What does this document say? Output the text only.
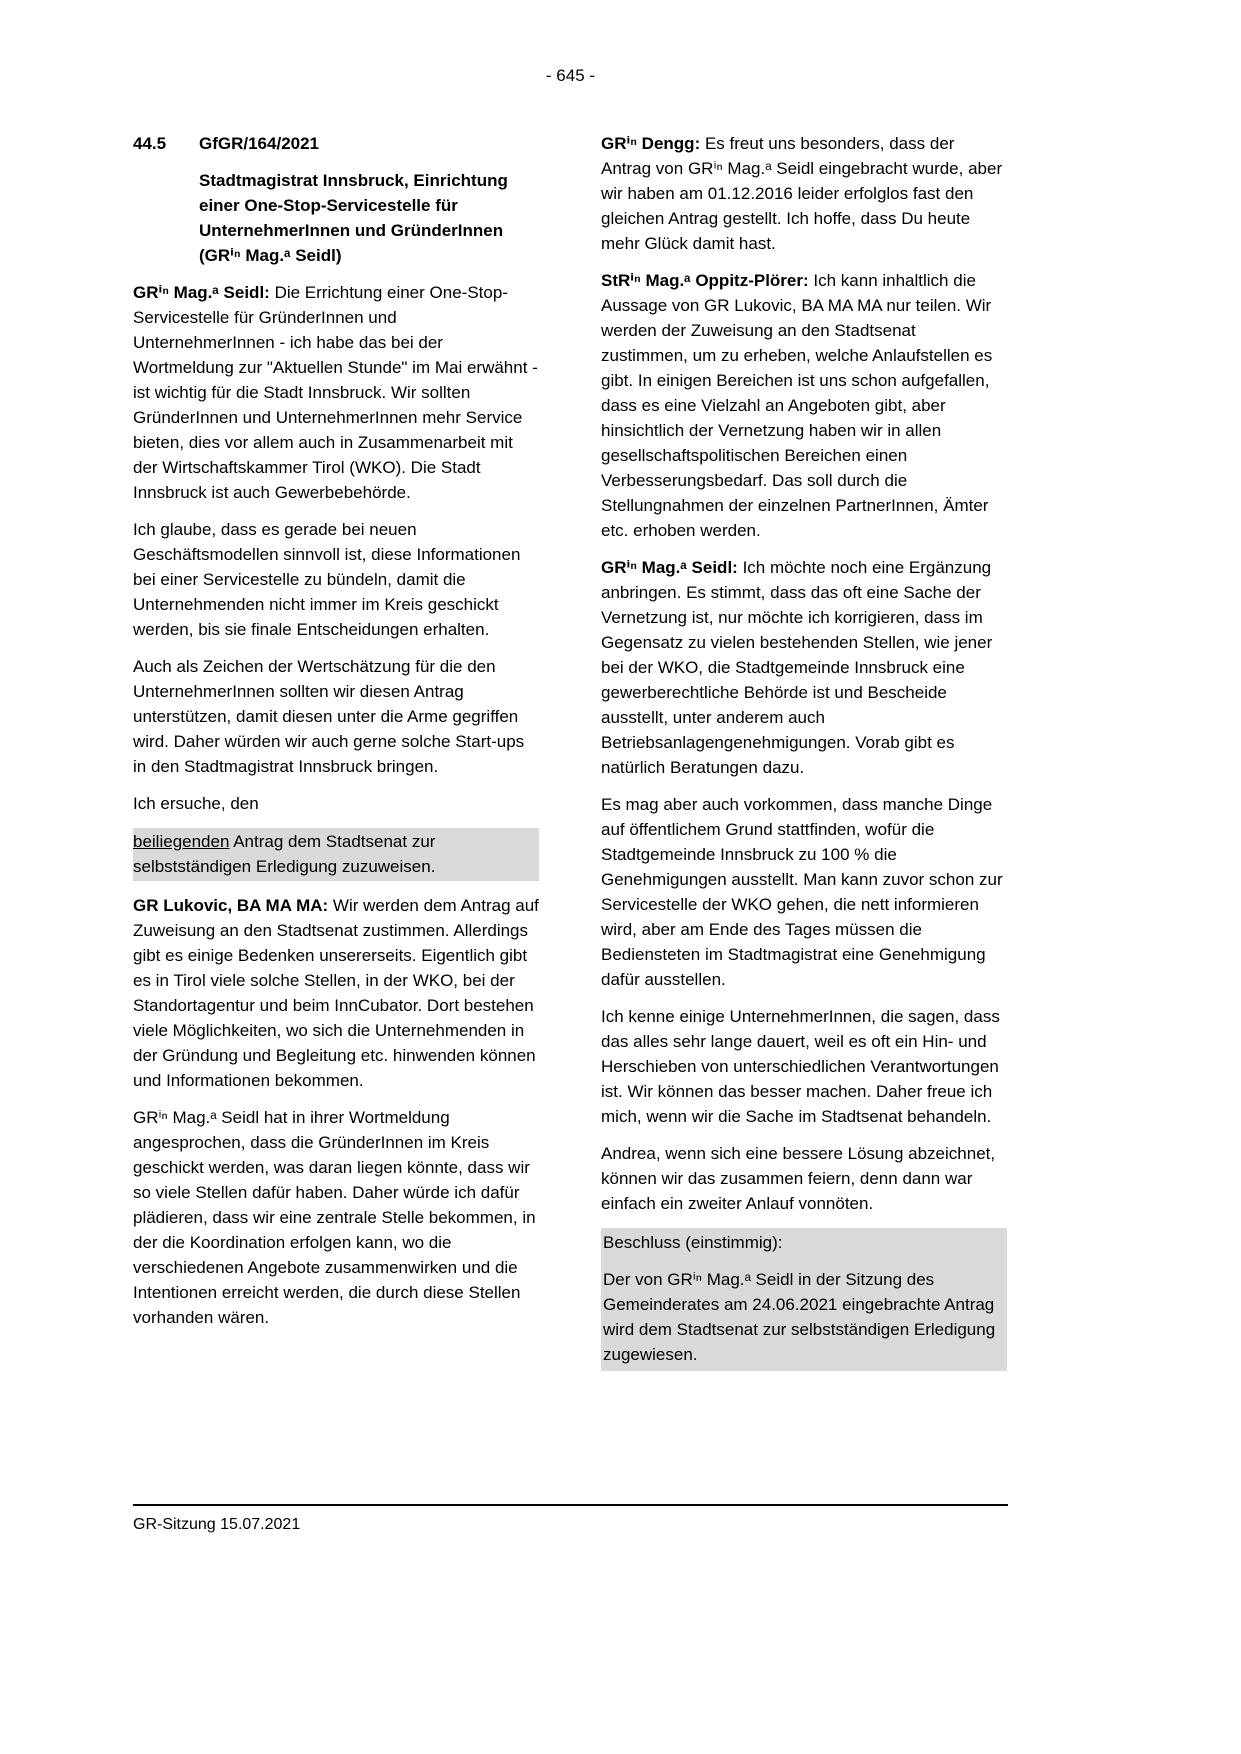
- 645 -
44.5 GfGR/164/2021
Stadtmagistrat Innsbruck, Einrichtung einer One-Stop-Servicestelle für UnternehmerInnen und GründerInnen (GRⁱⁿ Mag.ᵃ Seidl)

GRⁱⁿ Mag.ᵃ Seidl: Die Errichtung einer One-Stop-Servicestelle für GründerInnen und UnternehmerInnen - ich habe das bei der Wortmeldung zur "Aktuellen Stunde" im Mai erwähnt - ist wichtig für die Stadt Innsbruck. Wir sollten GründerInnen und UnternehmerInnen mehr Service bieten, dies vor allem auch in Zusammenarbeit mit der Wirtschaftskammer Tirol (WKO). Die Stadt Innsbruck ist auch Gewerbebehörde.

Ich glaube, dass es gerade bei neuen Geschäftsmodellen sinnvoll ist, diese Informationen bei einer Servicestelle zu bündeln, damit die Unternehmenden nicht immer im Kreis geschickt werden, bis sie finale Entscheidungen erhalten.

Auch als Zeichen der Wertschätzung für die den UnternehmerInnen sollten wir diesen Antrag unterstützen, damit diesen unter die Arme gegriffen wird. Daher würden wir auch gerne solche Start-ups in den Stadtmagistrat Innsbruck bringen.

Ich ersuche, den

beiliegenden Antrag dem Stadtsenat zur selbstständigen Erledigung zuzuweisen.

GR Lukovic, BA MA MA: Wir werden dem Antrag auf Zuweisung an den Stadtsenat zustimmen. Allerdings gibt es einige Bedenken unsererseits. Eigentlich gibt es in Tirol viele solche Stellen, in der WKO, bei der Standortagentur und beim InnCubator. Dort bestehen viele Möglichkeiten, wo sich die Unternehmenden in der Gründung und Begleitung etc. hinwenden können und Informationen bekommen.

GRⁱⁿ Mag.ᵃ Seidl hat in ihrer Wortmeldung angesprochen, dass die GründerInnen im Kreis geschickt werden, was daran liegen könnte, dass wir so viele Stellen dafür haben. Daher würde ich dafür plädieren, dass wir eine zentrale Stelle bekommen, in der die Koordination erfolgen kann, wo die verschiedenen Angebote zusammenwirken und die Intentionen erreicht werden, die durch diese Stellen vorhanden wären.

GRⁱⁿ Dengg: Es freut uns besonders, dass der Antrag von GRⁱⁿ Mag.ᵃ Seidl eingebracht wurde, aber wir haben am 01.12.2016 leider erfolglos fast den gleichen Antrag gestellt. Ich hoffe, dass Du heute mehr Glück damit hast.

StRⁱⁿ Mag.ᵃ Oppitz-Plörer: Ich kann inhaltlich die Aussage von GR Lukovic, BA MA MA nur teilen. Wir werden der Zuweisung an den Stadtsenat zustimmen, um zu erheben, welche Anlaufstellen es gibt. In einigen Bereichen ist uns schon aufgefallen, dass es eine Vielzahl an Angeboten gibt, aber hinsichtlich der Vernetzung haben wir in allen gesellschaftspolitischen Bereichen einen Verbesserungsbedarf. Das soll durch die Stellungnahmen der einzelnen PartnerInnen, Ämter etc. erhoben werden.

GRⁱⁿ Mag.ᵃ Seidl: Ich möchte noch eine Ergänzung anbringen. Es stimmt, dass das oft eine Sache der Vernetzung ist, nur möchte ich korrigieren, dass im Gegensatz zu vielen bestehenden Stellen, wie jener bei der WKO, die Stadtgemeinde Innsbruck eine gewerberechtliche Behörde ist und Bescheide ausstellt, unter anderem auch Betriebsanlagengenehmigungen. Vorab gibt es natürlich Beratungen dazu.

Es mag aber auch vorkommen, dass manche Dinge auf öffentlichem Grund stattfinden, wofür die Stadtgemeinde Innsbruck zu 100 % die Genehmigungen ausstellt. Man kann zuvor schon zur Servicestelle der WKO gehen, die nett informieren wird, aber am Ende des Tages müssen die Bediensteten im Stadtmagistrat eine Genehmigung dafür ausstellen.

Ich kenne einige UnternehmerInnen, die sagen, dass das alles sehr lange dauert, weil es oft ein Hin- und Herschieben von unterschiedlichen Verantwortungen ist. Wir können das besser machen. Daher freue ich mich, wenn wir die Sache im Stadtsenat behandeln.

Andrea, wenn sich eine bessere Lösung abzeichnet, können wir das zusammen feiern, denn dann war einfach ein zweiter Anlauf vonnöten.

Beschluss (einstimmig):

Der von GRⁱⁿ Mag.ᵃ Seidl in der Sitzung des Gemeinderates am 24.06.2021 eingebrachte Antrag wird dem Stadtsenat zur selbstständigen Erledigung zugewiesen.

GR-Sitzung 15.07.2021
